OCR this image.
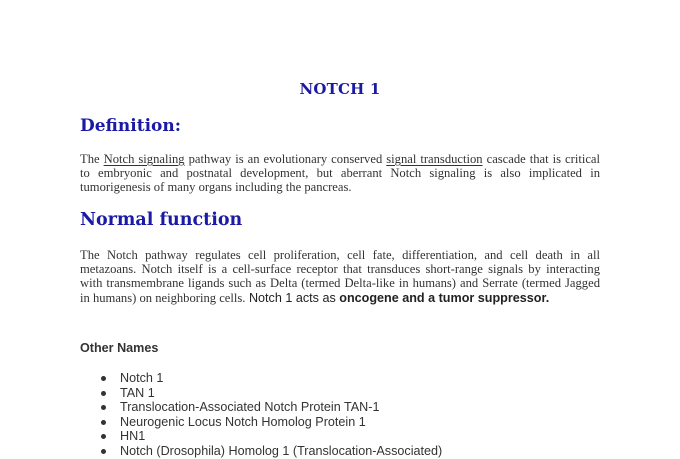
NOTCH 1
Definition:
The Notch signaling pathway is an evolutionary conserved signal transduction cascade that is critical to embryonic and postnatal development, but aberrant Notch signaling is also implicated in tumorigenesis of many organs including the pancreas.
Normal function
The Notch pathway regulates cell proliferation, cell fate, differentiation, and cell death in all metazoans. Notch itself is a cell-surface receptor that transduces short-range signals by interacting with transmembrane ligands such as Delta (termed Delta-like in humans) and Serrate (termed Jagged in humans) on neighboring cells. Notch 1 acts as oncogene and a tumor suppressor.
Other Names
Notch 1
TAN 1
Translocation-Associated Notch Protein TAN-1
Neurogenic Locus Notch Homolog Protein 1
HN1
Notch (Drosophila) Homolog 1 (Translocation-Associated)
